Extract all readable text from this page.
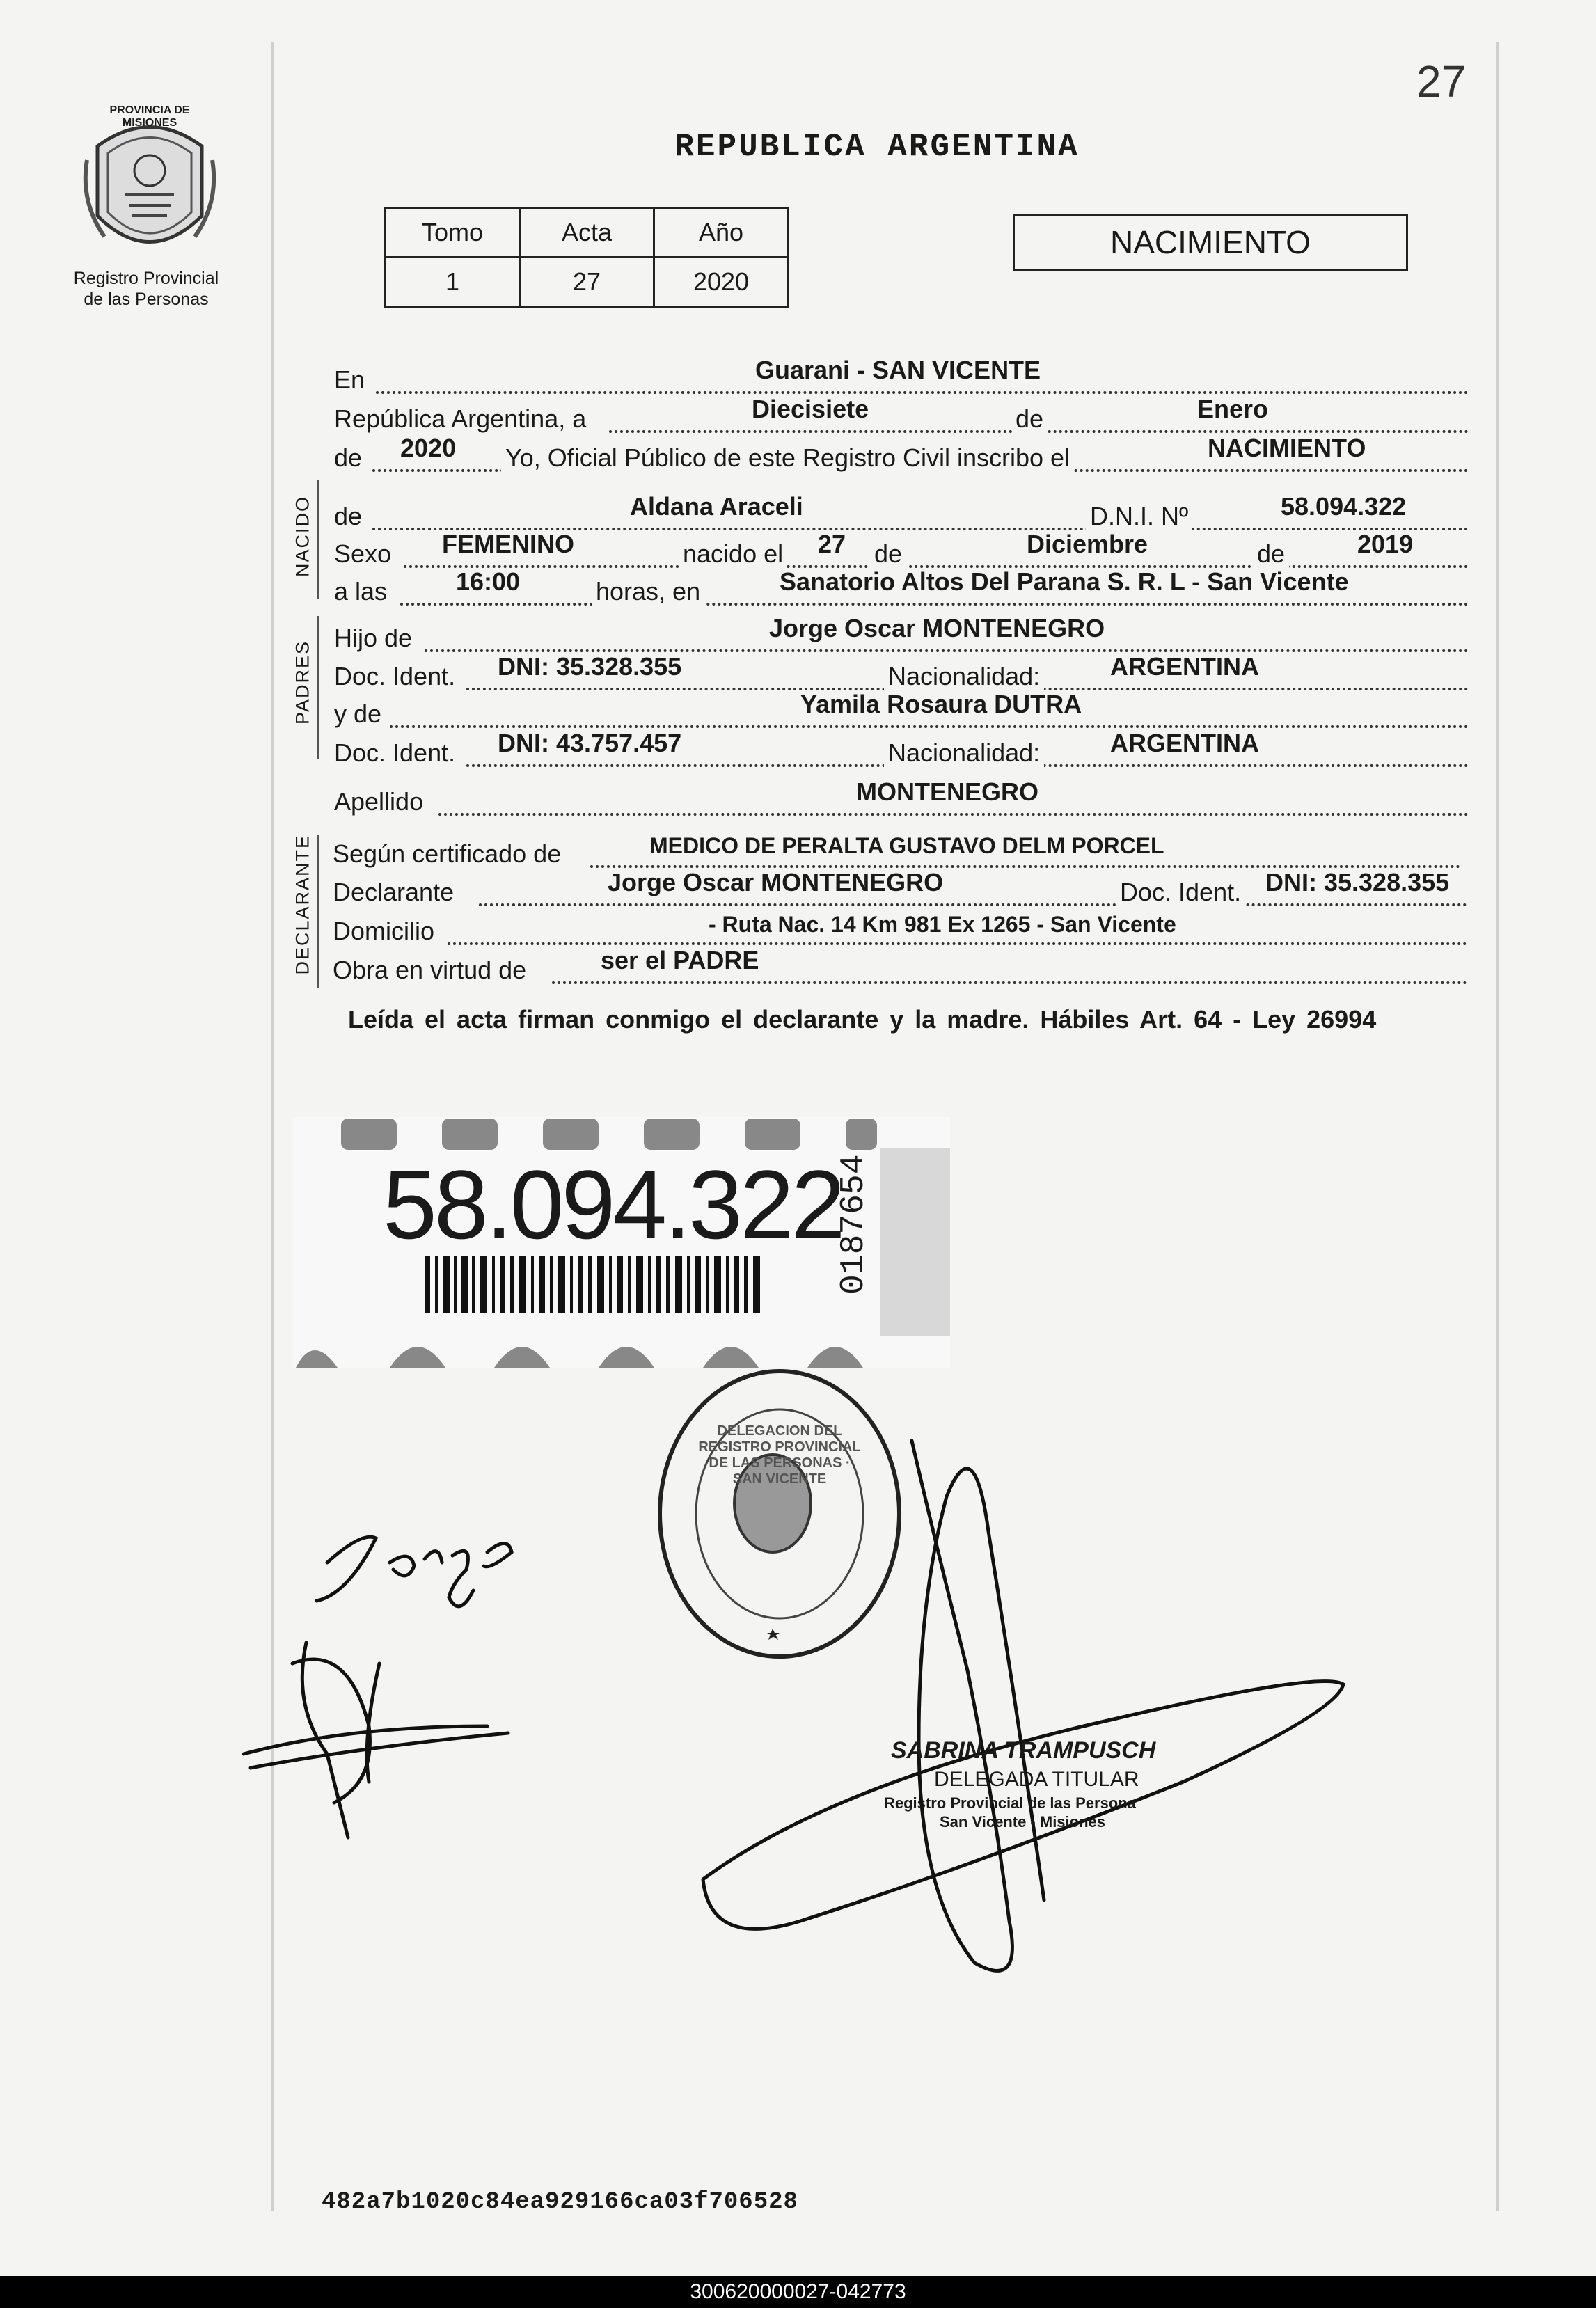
27
PROVINCIA DE MISIONES
Registro Provincial
de las Personas
REPUBLICA ARGENTINA
Tomo	Acta	Año
1	27	2020
NACIMIENTO
En	Guarani - SAN VICENTE
República Argentina, a	Diecisiete	de	Enero
de 2020 Yo, Oficial Público de este Registro Civil inscribo el	NACIMIENTO
NACIDO de	Aldana Araceli	D.N.I. Nº	58.094.322
Sexo FEMENINO	nacido el 27 de	Diciembre	de	2019
a las	16:00	horas, en	Sanatorio Altos Del Parana S. R. L - San Vicente
PADRES
Hijo de	Jorge Oscar MONTENEGRO
Doc. Ident. DNI: 35.328.355	Nacionalidad:	ARGENTINA
y de	Yamila Rosaura DUTRA
Doc. Ident. DNI: 43.757.457	Nacionalidad:	ARGENTINA
Apellido	MONTENEGRO
DECLARANTE Según certificado de	MEDICO DE PERALTA GUSTAVO DELM PORCEL
Declarante	Jorge Oscar MONTENEGRO	Doc. Ident. DNI: 35.328.355
Domicilio	- Ruta Nac. 14 Km 981 Ex 1265 - San Vicente
Obra en virtud de	ser el PADRE
Leída el acta firman conmigo el declarante y la madre. Hábiles Art. 64 - Ley 26994
58.094.322
0187654
DELEGACION DEL REGISTRO PROVINCIAL DE LAS PERSONAS · SAN VICENTE
SABRINA TRAMPUSCH
DELEGADA TITULAR
Registro Provincial de las Persona
San Vicente - Misiones
482a7b1020c84ea929166ca03f706528
300620000027-042773
